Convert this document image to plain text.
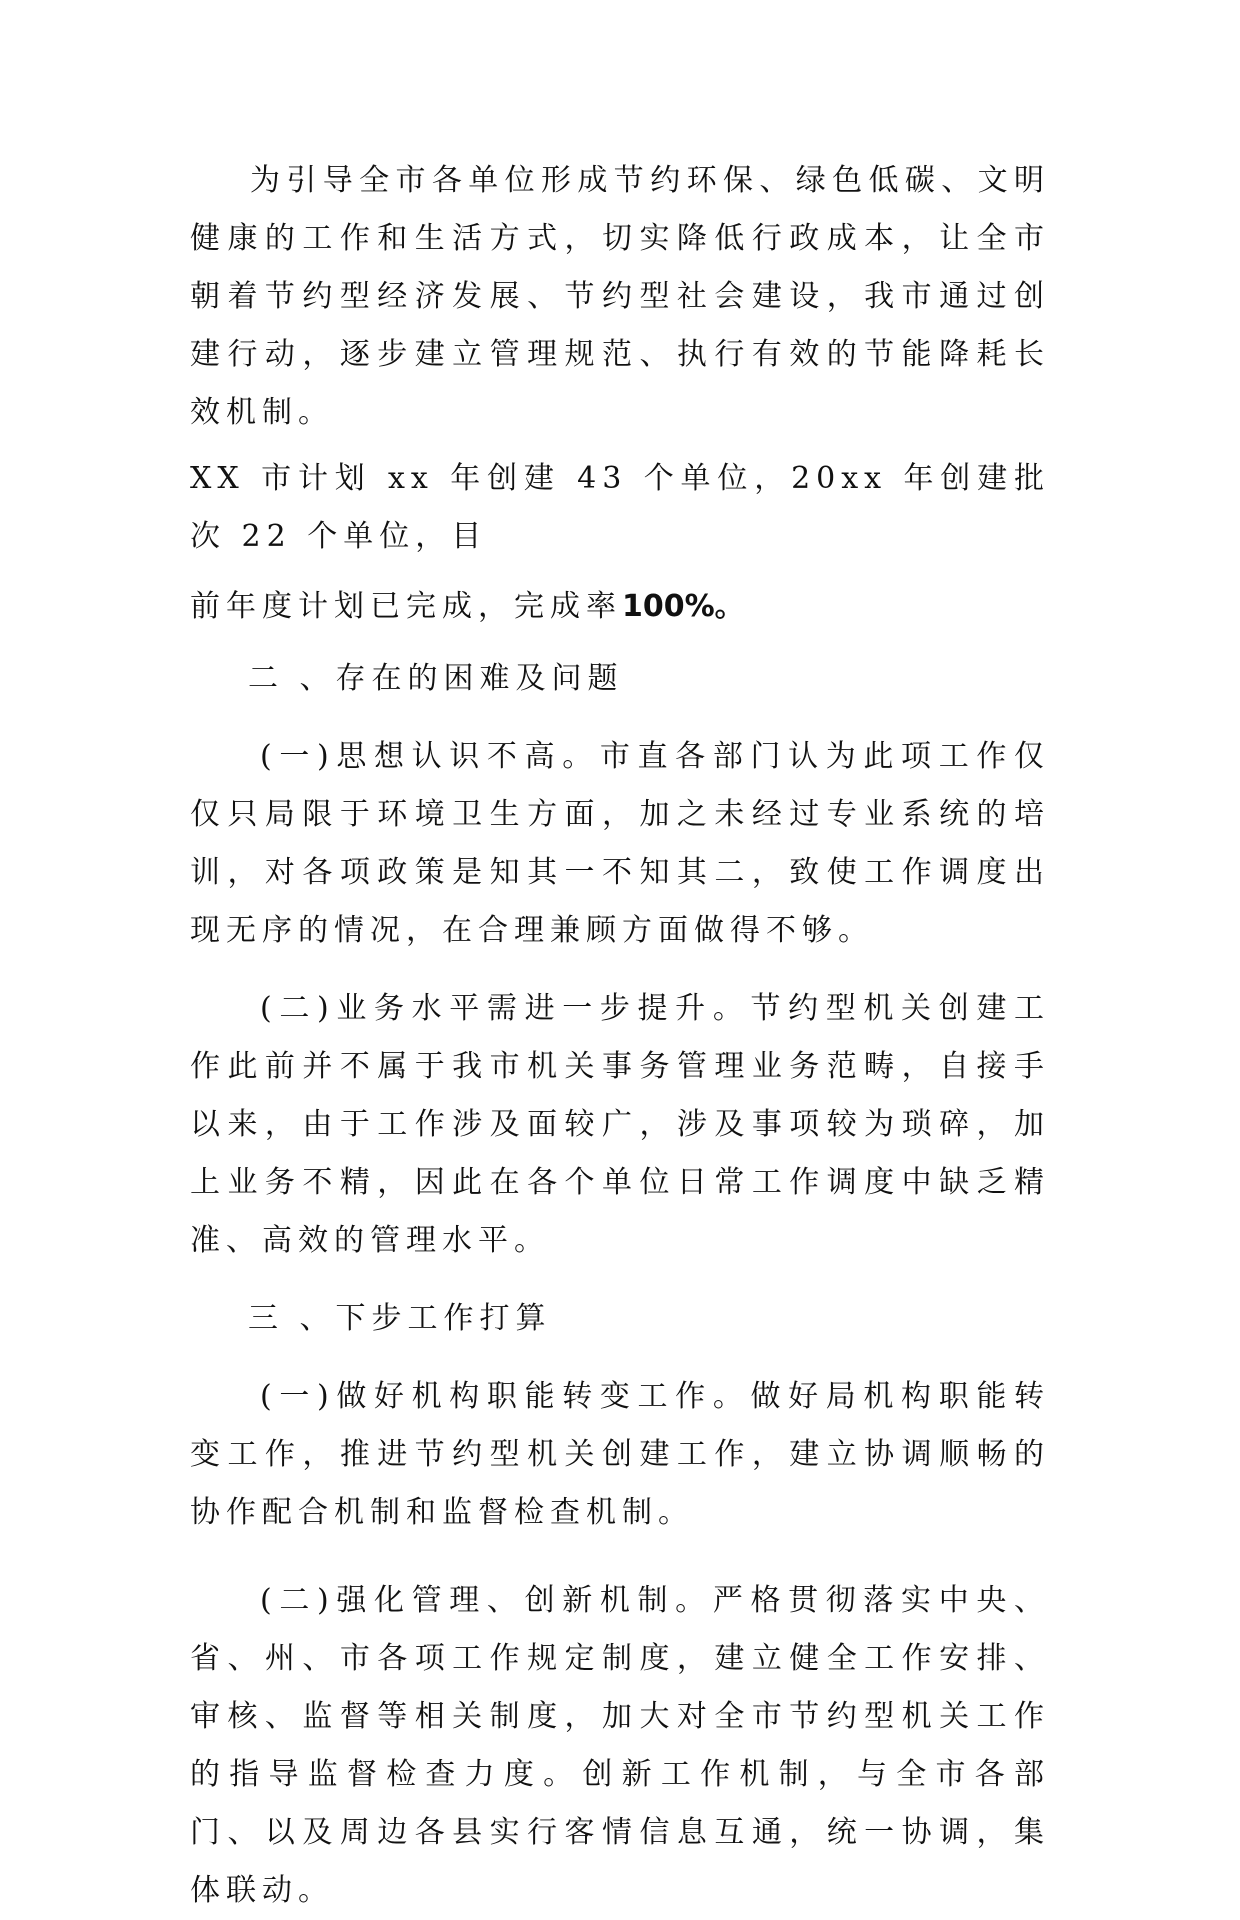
为引导全市各单位形成节约环保、绿色低碳、文明健康的工作和生活方式，切实降低行政成本，让全市朝着节约型经济发展、节约型社会建设，我市通过创建行动，逐步建立管理规范、执行有效的节能降耗长效机制。

XX 市计划 xx 年创建 43 个单位，20xx 年创建批次 22 个单位，目

前年度计划已完成，完成率100%。

二 、存在的困难及问题

(一)思想认识不高。市直各部门认为此项工作仅仅只局限于环境卫生方面，加之未经过专业系统的培训，对各项政策是知其一不知其二，致使工作调度出现无序的情况，在合理兼顾方面做得不够。

(二)业务水平需进一步提升。节约型机关创建工作此前并不属于我市机关事务管理业务范畴，自接手以来，由于工作涉及面较广，涉及事项较为琐碎，加上业务不精，因此在各个单位日常工作调度中缺乏精准、高效的管理水平。

三 、下步工作打算

(一)做好机构职能转变工作。做好局机构职能转变工作，推进节约型机关创建工作，建立协调顺畅的协作配合机制和监督检查机制。

(二)强化管理、创新机制。严格贯彻落实中央、省、州、市各项工作规定制度，建立健全工作安排、审核、监督等相关制度，加大对全市节约型机关工作的指导监督检查力度。创新工作机制，与全市各部门、以及周边各县实行客情信息互通，统一协调，集体联动。
